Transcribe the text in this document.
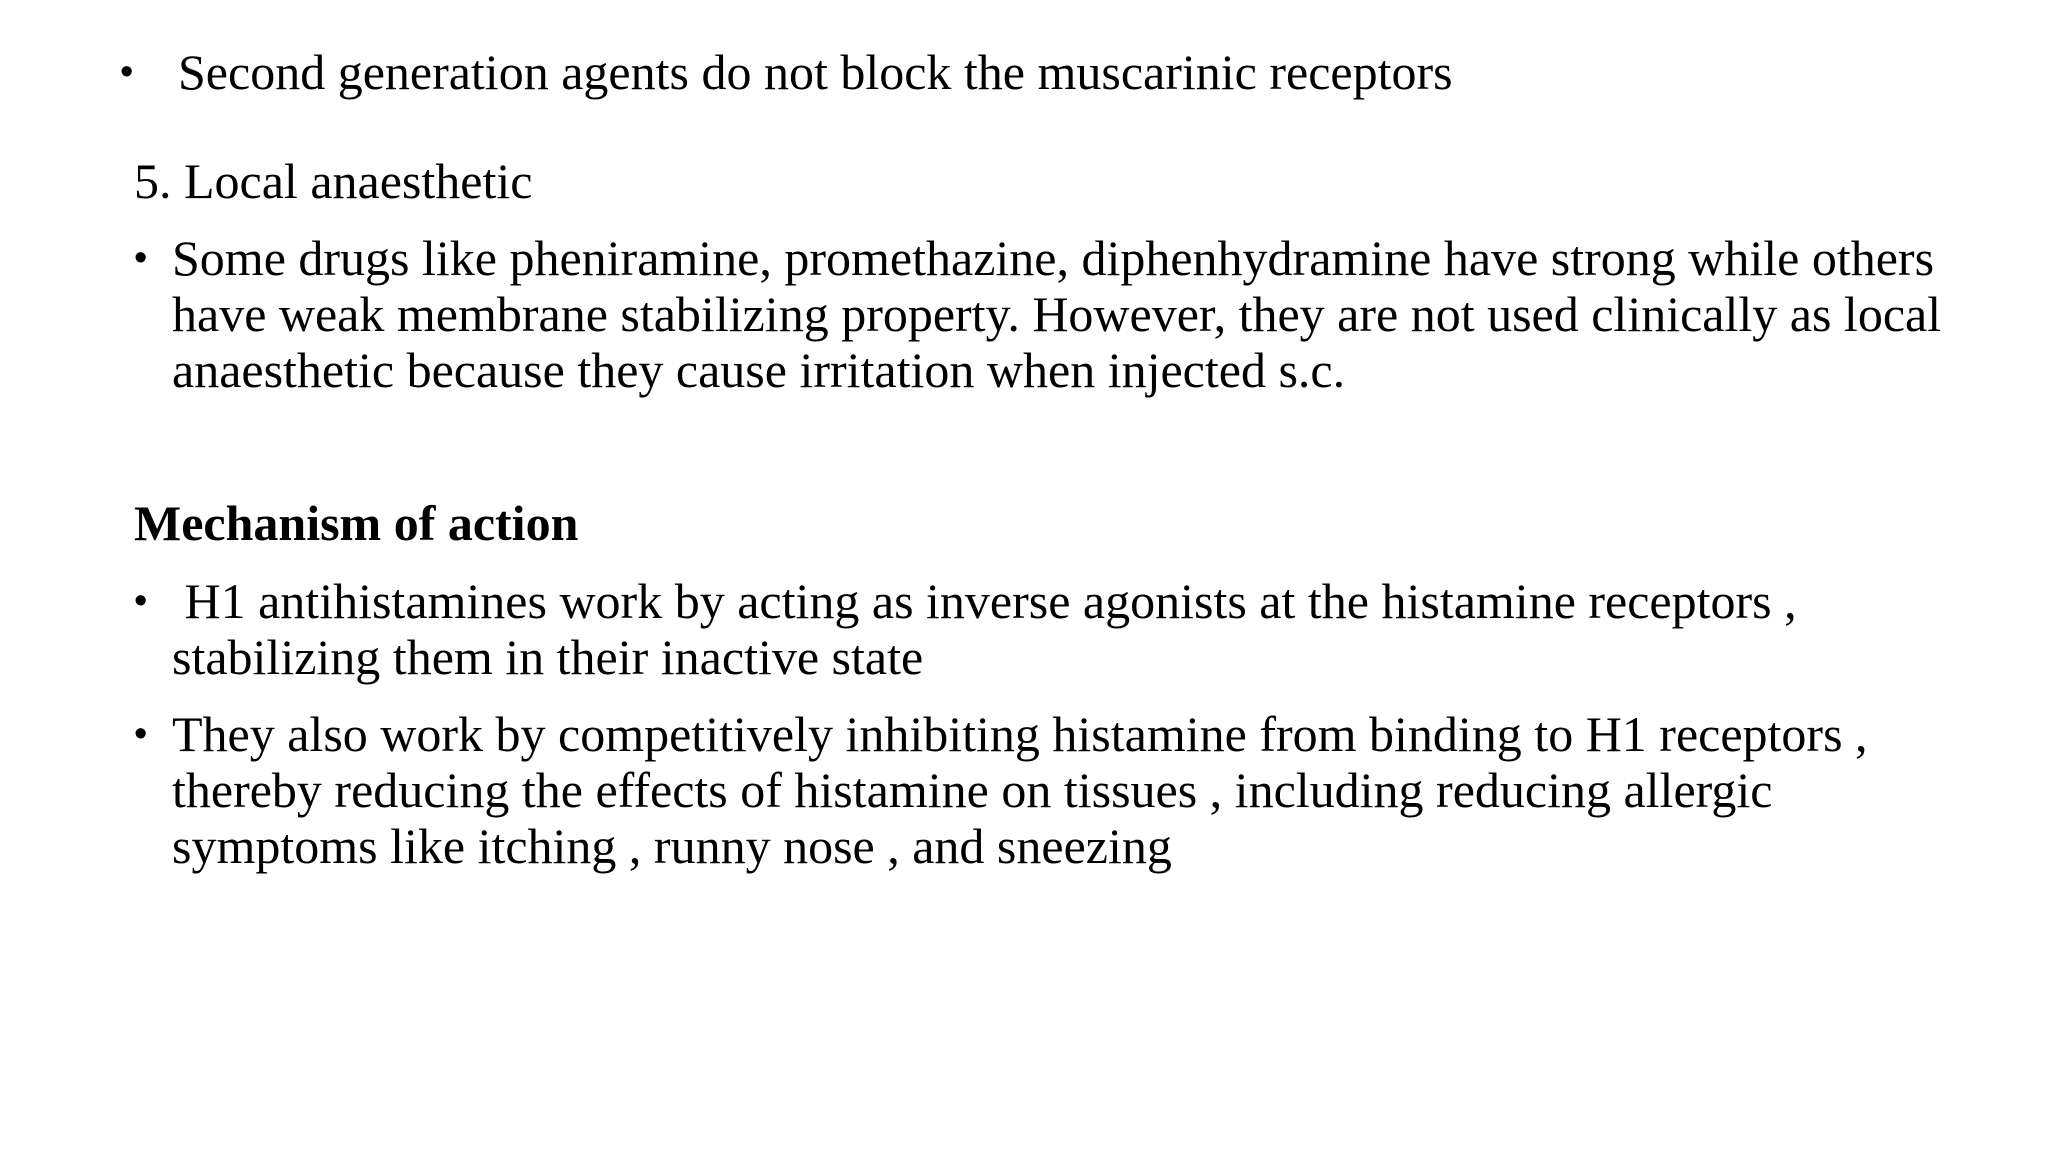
• Second generation agents do not block the muscarinic receptors
5. Local anaesthetic
• Some drugs like pheniramine, promethazine, diphenhydramine have strong while others
have weak membrane stabilizing property. However, they are not used clinically as local
anaesthetic because they cause irritation when injected s.c.
Mechanism of action
• H1 antihistamines work by acting as inverse agonists at the histamine receptors ,
stabilizing them in their inactive state
• They also work by competitively inhibiting histamine from binding to H1 receptors ,
thereby reducing the effects of histamine on tissues , including reducing allergic
symptoms like itching , runny nose , and sneezing
